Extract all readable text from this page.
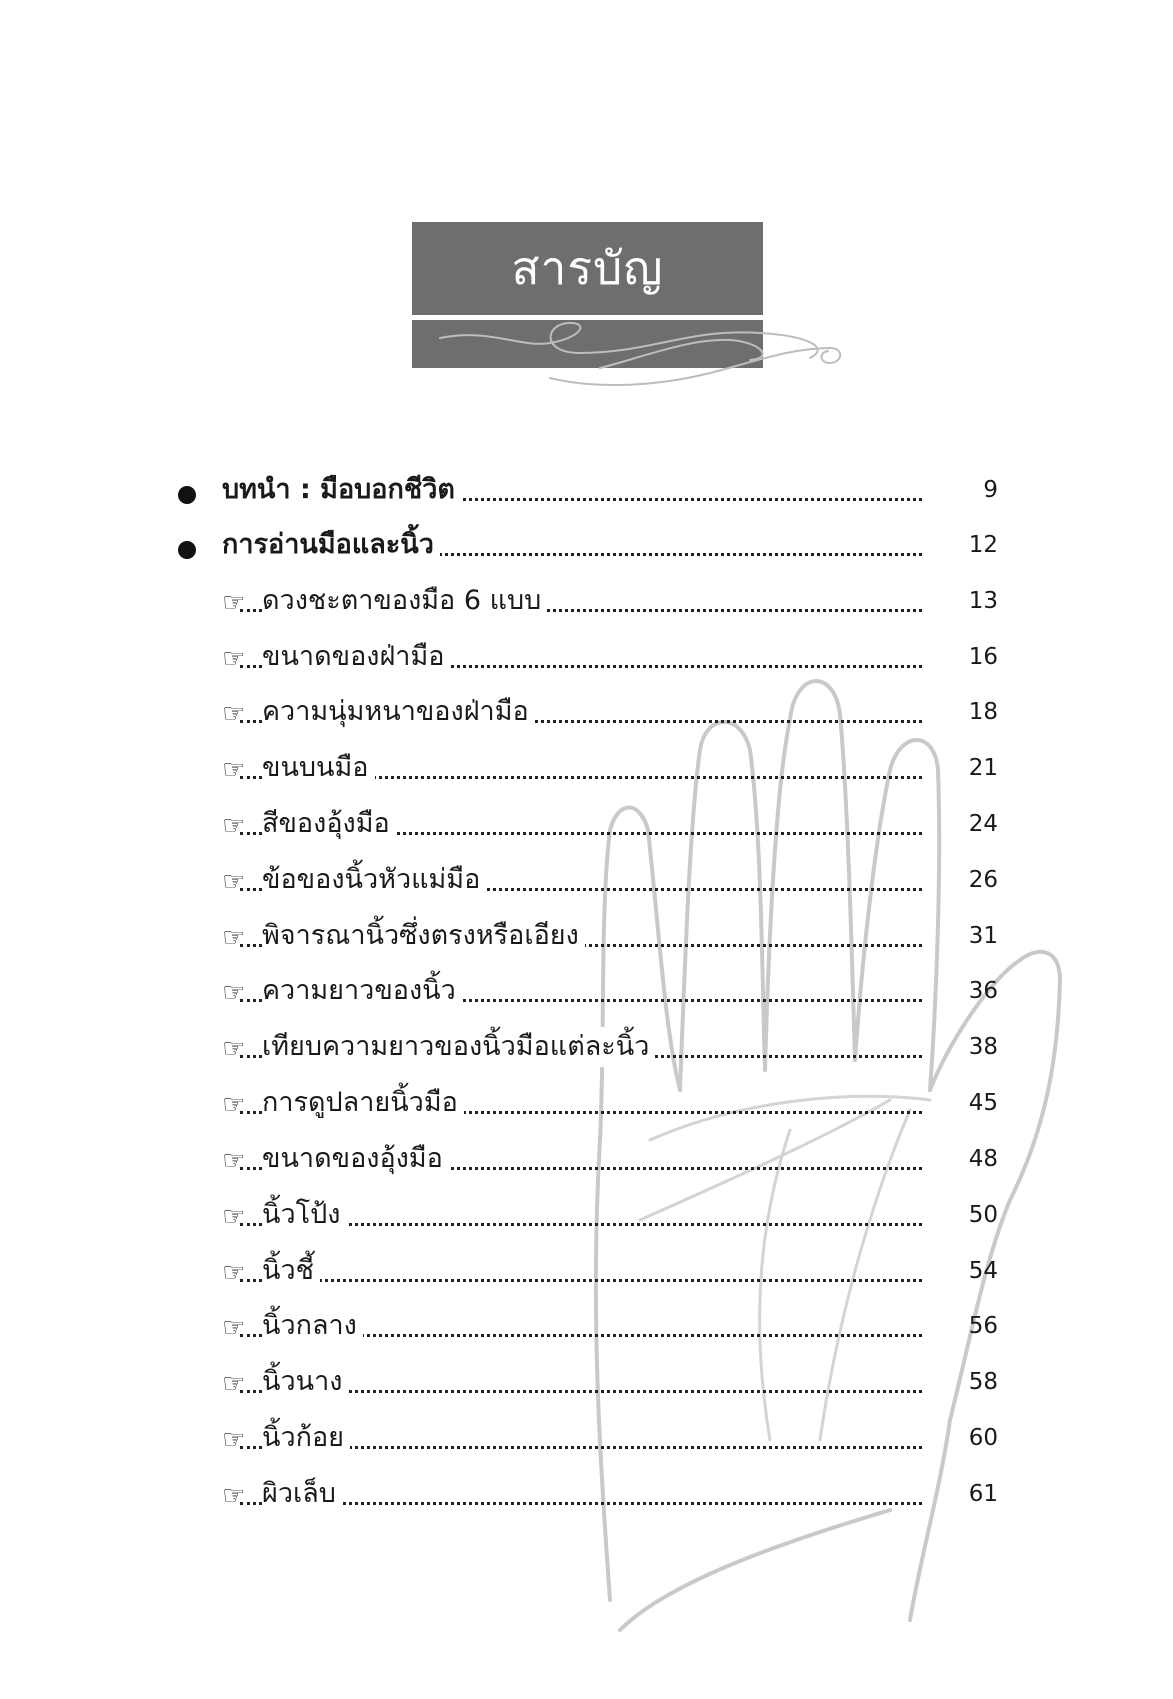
สารบัญ
บทนำ : มือบอกชีวิต	9
การอ่านมือและนิ้ว	12
☞ ดวงชะตาของมือ 6 แบบ	13
☞ ขนาดของฝ่ามือ	16
☞ ความนุ่มหนาของฝ่ามือ	18
☞ ขนบนมือ	21
☞ สีของอุ้งมือ	24
☞ ข้อของนิ้วหัวแม่มือ	26
☞ พิจารณานิ้วซึ่งตรงหรือเอียง	31
☞ ความยาวของนิ้ว	36
☞ เทียบความยาวของนิ้วมือแต่ละนิ้ว	38
☞ การดูปลายนิ้วมือ	45
☞ ขนาดของอุ้งมือ	48
☞ นิ้วโป้ง	50
☞ นิ้วชี้	54
☞ นิ้วกลาง	56
☞ นิ้วนาง	58
☞ นิ้วก้อย	60
☞ ผิวเล็บ	61
